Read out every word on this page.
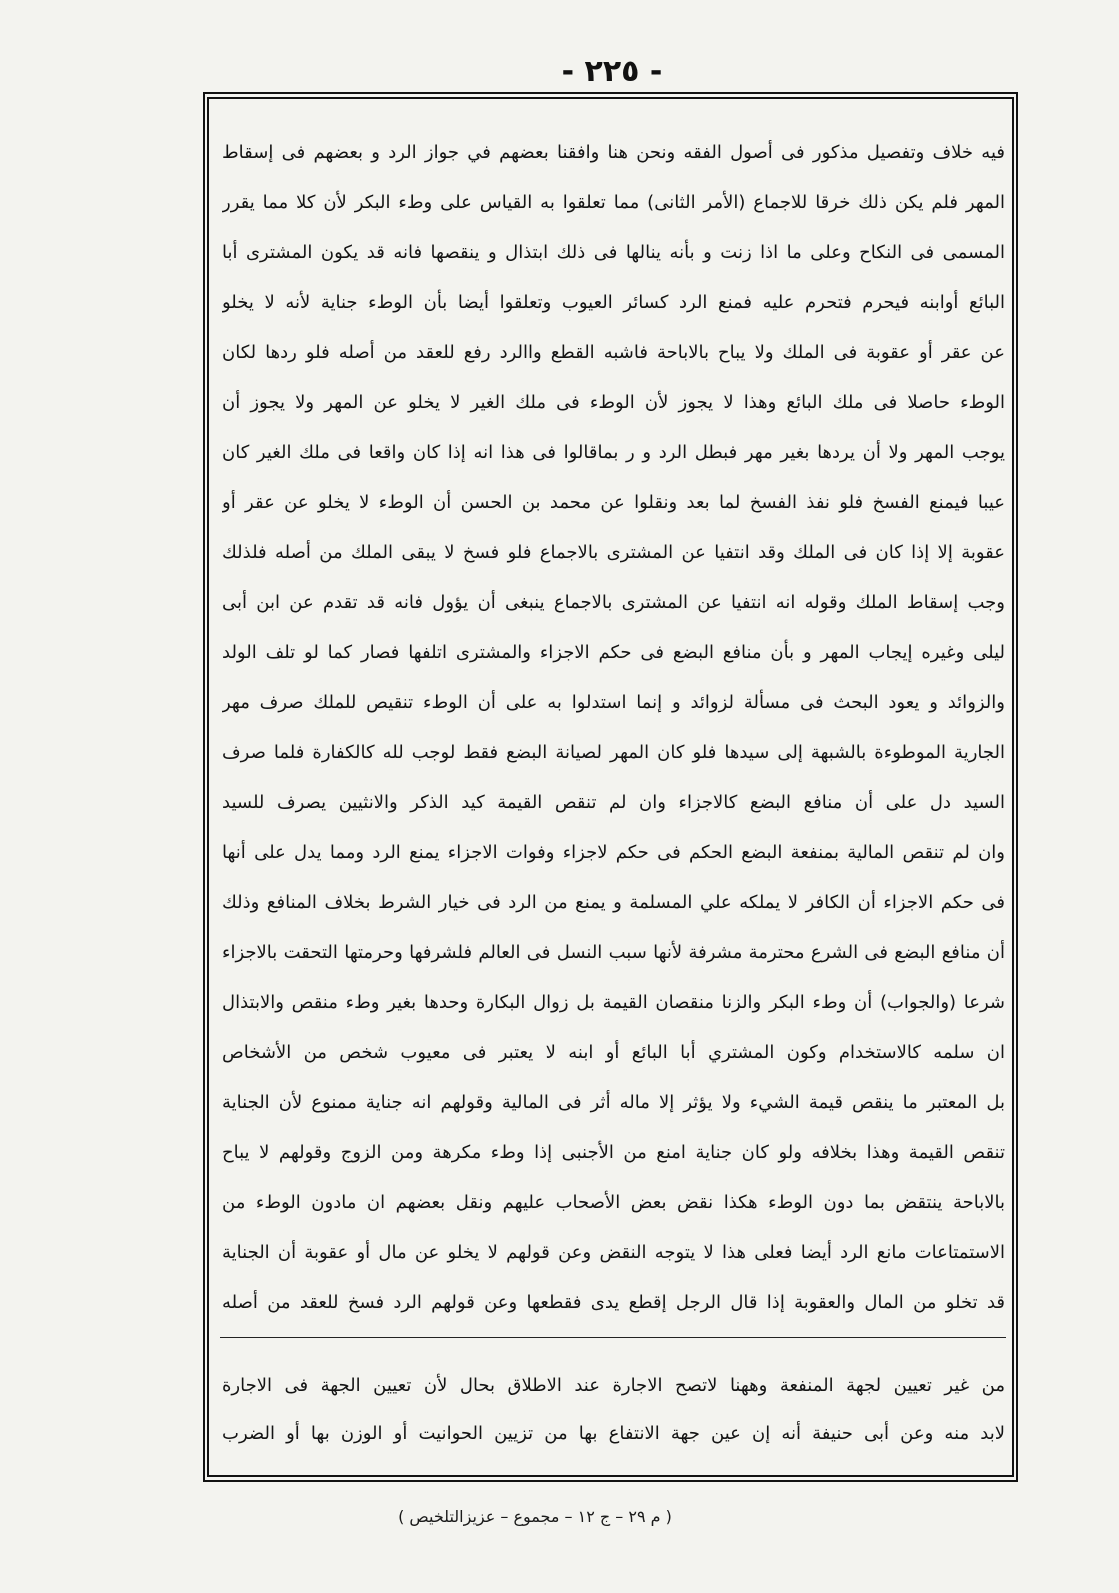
- ٢٢٥ -
فيه خلاف وتفصيل مذكور فى أصول الفقه ونحن هنا وافقنا بعضهم في جواز الرد و بعضهم فى إسقاط
المهر فلم يكن ذلك خرقا للاجماع (الأمر الثانى) مما تعلقوا به القياس على وطء البكر لأن كلا مما يقرر
المسمى فى النكاح وعلى ما اذا زنت و بأنه ينالها فى ذلك ابتذال و ينقصها فانه قد يكون المشترى أبا
البائع أوابنه فيحرم فتحرم عليه فمنع الرد كسائر العيوب وتعلقوا أيضا بأن الوطء جناية لأنه لا يخلو
عن عقر أو عقوبة فى الملك ولا يباح بالاباحة فاشبه القطع واالرد رفع للعقد من أصله فلو ردها لكان
الوطء حاصلا فى ملك البائع وهذا لا يجوز لأن الوطء فى ملك الغير لا يخلو عن المهر ولا يجوز أن
يوجب المهر ولا أن يردها بغير مهر فبطل الرد و ر بماقالوا فى هذا انه إذا كان واقعا فى ملك الغير كان
عيبا فيمنع الفسخ فلو نفذ الفسخ لما بعد ونقلوا عن محمد بن الحسن أن الوطء لا يخلو عن عقر أو
عقوبة إلا إذا كان فى الملك وقد انتفيا عن المشترى بالاجماع فلو فسخ لا يبقى الملك من أصله فلذلك
وجب إسقاط الملك وقوله انه انتفيا عن المشترى بالاجماع ينبغى أن يؤول فانه قد تقدم عن ابن أبى
ليلى وغيره إيجاب المهر و بأن منافع البضع فى حكم الاجزاء والمشترى اتلفها فصار كما لو تلف الولد
والزوائد و يعود البحث فى مسألة لزوائد و إنما استدلوا به على أن الوطء تنقيص للملك صرف مهر
الجارية الموطوءة بالشبهة إلى سيدها فلو كان المهر لصيانة البضع فقط لوجب لله كالكفارة فلما صرف
السيد دل على أن منافع البضع كالاجزاء وان لم تنقص القيمة كيد الذكر والانثيين يصرف للسيد
وان لم تنقص المالية بمنفعة البضع الحكم فى حكم لاجزاء وفوات الاجزاء يمنع الرد ومما يدل على أنها
فى حكم الاجزاء أن الكافر لا يملكه علي المسلمة و يمنع من الرد فى خيار الشرط بخلاف المنافع وذلك
أن منافع البضع فى الشرع محترمة مشرفة لأنها سبب النسل فى العالم فلشرفها وحرمتها التحقت بالاجزاء
شرعا (والجواب) أن وطء البكر والزنا منقصان القيمة بل زوال البكارة وحدها بغير وطء منقص والابتذال
ان سلمه كالاستخدام وكون المشتري أبا البائع أو ابنه لا يعتبر فى معيوب شخص من الأشخاص
بل المعتبر ما ينقص قيمة الشيء ولا يؤثر إلا ماله أثر فى المالية وقولهم انه جناية ممنوع لأن الجناية
تنقص القيمة وهذا بخلافه ولو كان جناية امنع من الأجنبى إذا وطء مكرهة ومن الزوج وقولهم لا يباح
بالاباحة ينتقض بما دون الوطء هكذا نقض بعض الأصحاب عليهم ونقل بعضهم ان مادون الوطء من
الاستمتاعات مانع الرد أيضا فعلى هذا لا يتوجه النقض وعن قولهم لا يخلو عن مال أو عقوبة أن الجناية
قد تخلو من المال والعقوبة إذا قال الرجل إقطع يدى فقطعها وعن قولهم الرد فسخ للعقد من أصله
من غير تعيين لجهة المنفعة وههنا لاتصح الاجارة عند الاطلاق بحال لأن تعيين الجهة فى الاجارة
لابد منه وعن أبى حنيفة أنه إن عين جهة الانتفاع بها من تزيين الحوانيت أو الوزن بها أو الضرب
( م ٢٩ – ج ١٢ – مجموع – عزيزالتلخيص )
